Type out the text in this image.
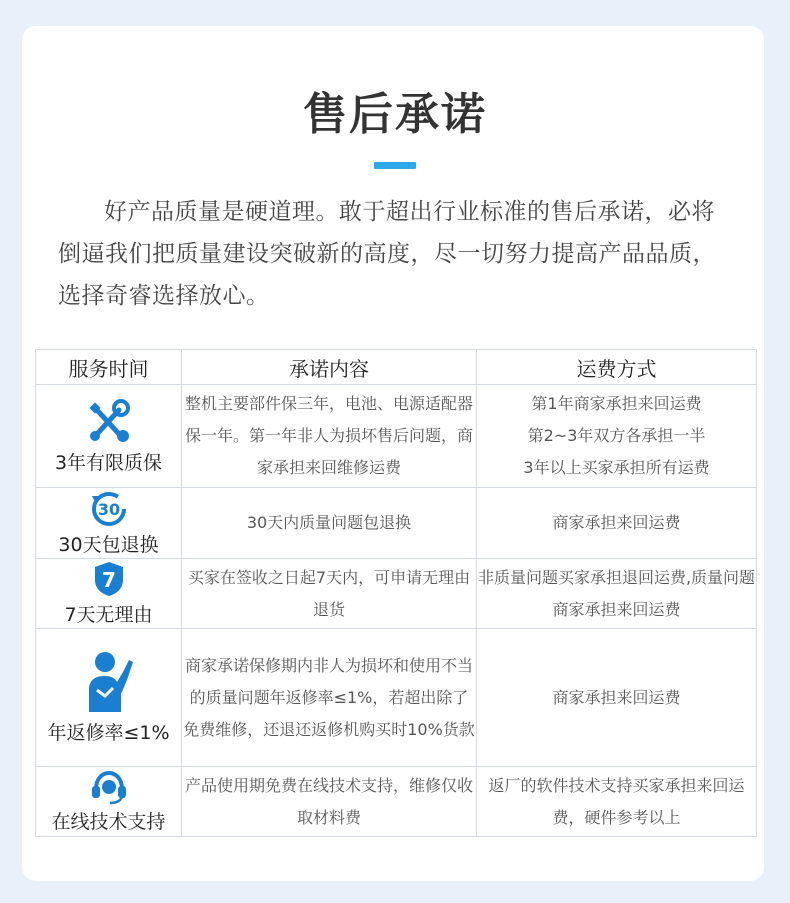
售后承诺
好产品质量是硬道理。敢于超出行业标准的售后承诺，必将倒逼我们把质量建设突破新的高度，尽一切努力提高产品品质，选择奇睿选择放心。
服务时间	承诺内容	运费方式

3年有限质保	整机主要部件保三年，电池、电源适配器保一年。第一年非人为损坏售后问题，商家承担来回维修运费	第1年商家承担来回运费
第2~3年双方各承担一半
3年以上买家承担所有运费

30
30天包退换	30天内质量问题包退换	商家承担来回运费

7
7天无理由	买家在签收之日起7天内，可申请无理由退货	非质量问题买家承担退回运费,质量问题商家承担来回运费

年返修率≤1%	商家承诺保修期内非人为损坏和使用不当的质量问题年返修率≤1%，若超出除了免费维修，还退还返修机购买时10%货款	商家承担来回运费

在线技术支持	产品使用期免费在线技术支持，维修仅收取材料费	返厂的软件技术支持买家承担来回运费，硬件参考以上
